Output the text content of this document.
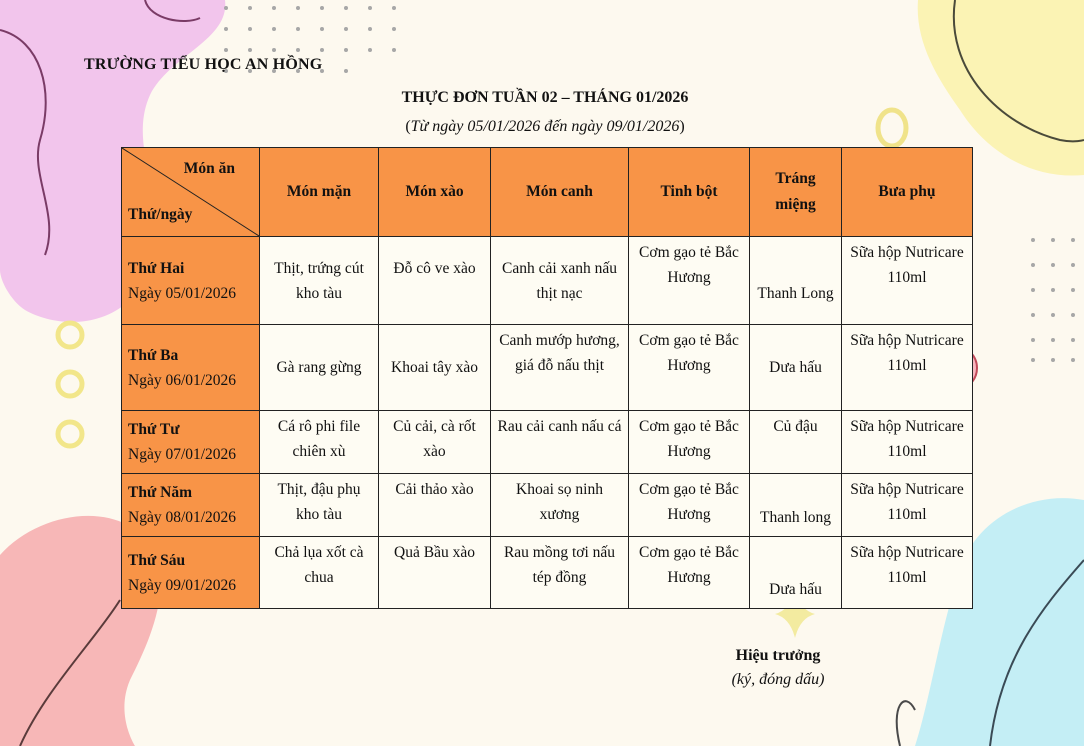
TRƯỜNG TIỂU HỌC AN HỒNG
THỰC ĐƠN TUẦN 02 – THÁNG 01/2026
(Từ ngày 05/01/2026 đến ngày 09/01/2026)
Món ăn
Thứ/ngày	Món mặn	Món xào	Món canh	Tinh bột	Tráng miệng	Bưa phụ

Thứ Hai
Ngày 05/01/2026	Thịt, trứng cút kho tàu	Đỗ cô ve xào	Canh cải xanh nấu thịt nạc	Cơm gạo tẻ Bắc Hương	Thanh Long	Sữa hộp Nutricare 110ml

Thứ Ba
Ngày 06/01/2026	Gà rang gừng	Khoai tây xào	Canh mướp hương, giá đỗ nấu thịt	Cơm gạo tẻ Bắc Hương	Dưa hấu	Sữa hộp Nutricare 110ml

Thứ Tư
Ngày 07/01/2026	Cá rô phi file chiên xù	Củ cải, cà rốt xào	Rau cải canh nấu cá	Cơm gạo tẻ Bắc Hương	Củ đậu	Sữa hộp Nutricare 110ml

Thứ Năm
Ngày 08/01/2026	Thịt, đậu phụ kho tàu	Cải thảo xào	Khoai sọ ninh xương	Cơm gạo tẻ Bắc Hương	Thanh long	Sữa hộp Nutricare 110ml

Thứ Sáu
Ngày 09/01/2026	Chả lụa xốt cà chua	Quả Bầu xào	Rau mồng tơi nấu tép đồng	Cơm gạo tẻ Bắc Hương	Dưa hấu	Sữa hộp Nutricare 110ml
Hiệu trưởng
(ký, đóng dấu)
